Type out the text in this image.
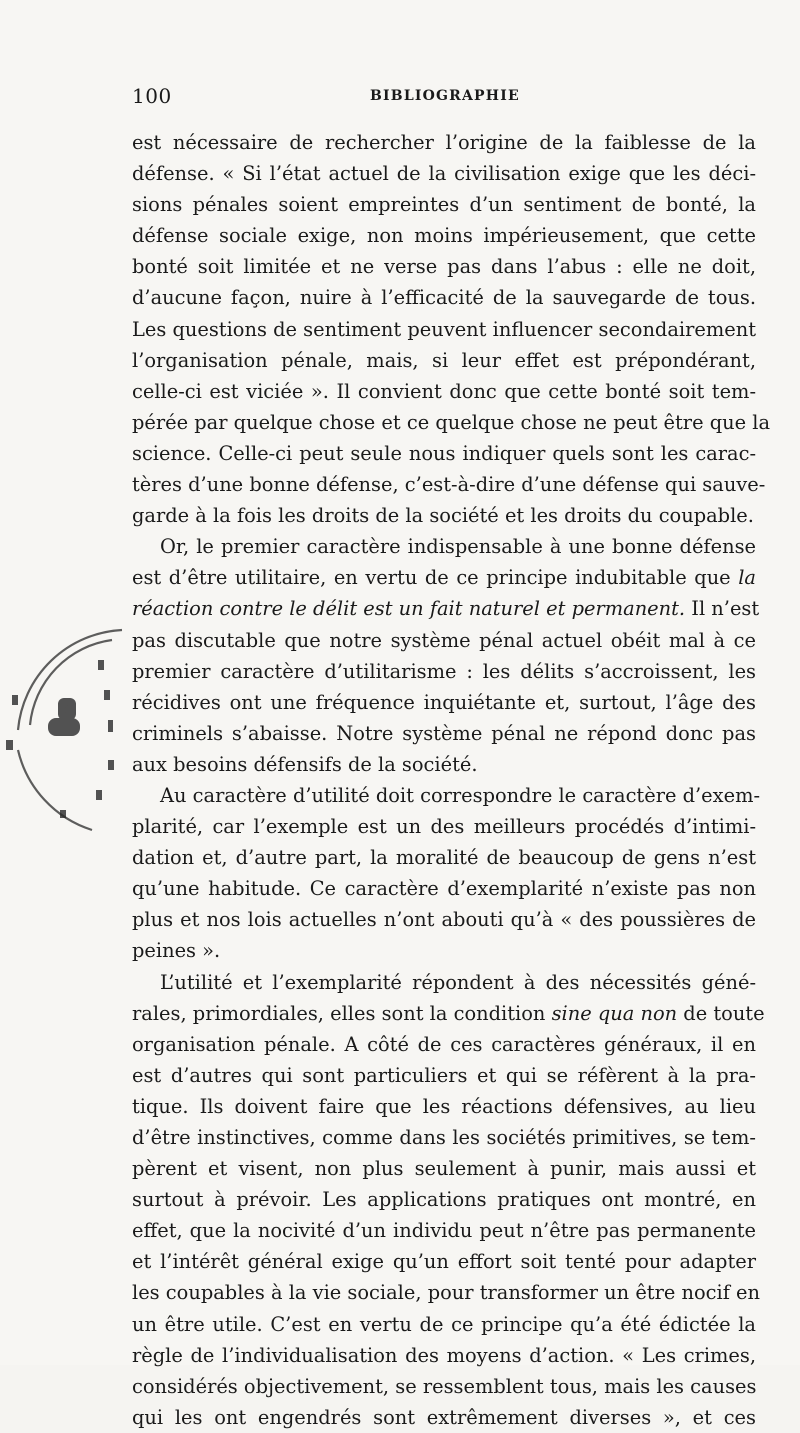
100	BIBLIOGRAPHIE
est nécessaire de rechercher l’origine de la faiblesse de la
défense. « Si l’état actuel de la civilisation exige que les déci-
sions pénales soient empreintes d’un sentiment de bonté, la
défense sociale exige, non moins impérieusement, que cette
bonté soit limitée et ne verse pas dans l’abus : elle ne doit,
d’aucune façon, nuire à l’efficacité de la sauvegarde de tous.
Les questions de sentiment peuvent influencer secondairement
l’organisation pénale, mais, si leur effet est prépondérant,
celle-ci est viciée ». Il convient donc que cette bonté soit tem-
pérée par quelque chose et ce quelque chose ne peut être que la
science. Celle-ci peut seule nous indiquer quels sont les carac-
tères d’une bonne défense, c’est-à-dire d’une défense qui sauve-
garde à la fois les droits de la société et les droits du coupable.
Or, le premier caractère indispensable à une bonne défense
est d’être utilitaire, en vertu de ce principe indubitable que la
réaction contre le délit est un fait naturel et permanent. Il n’est
pas discutable que notre système pénal actuel obéit mal à ce
premier caractère d’utilitarisme : les délits s’accroissent, les
récidives ont une fréquence inquiétante et, surtout, l’âge des
criminels s’abaisse. Notre système pénal ne répond donc pas
aux besoins défensifs de la société.
Au caractère d’utilité doit correspondre le caractère d’exem-
plarité, car l’exemple est un des meilleurs procédés d’intimi-
dation et, d’autre part, la moralité de beaucoup de gens n’est
qu’une habitude. Ce caractère d’exemplarité n’existe pas non
plus et nos lois actuelles n’ont abouti qu’à « des poussières de
peines ».
L’utilité et l’exemplarité répondent à des nécessités géné-
rales, primordiales, elles sont la condition sine qua non de toute
organisation pénale. A côté de ces caractères généraux, il en
est d’autres qui sont particuliers et qui se réfèrent à la pra-
tique. Ils doivent faire que les réactions défensives, au lieu
d’être instinctives, comme dans les sociétés primitives, se tem-
pèrent et visent, non plus seulement à punir, mais aussi et
surtout à prévoir. Les applications pratiques ont montré, en
effet, que la nocivité d’un individu peut n’être pas permanente
et l’intérêt général exige qu’un effort soit tenté pour adapter
les coupables à la vie sociale, pour transformer un être nocif en
un être utile. C’est en vertu de ce principe qu’a été édictée la
règle de l’individualisation des moyens d’action. « Les crimes,
considérés objectivement, se ressemblent tous, mais les causes
qui les ont engendrés sont extrêmement diverses », et ces
